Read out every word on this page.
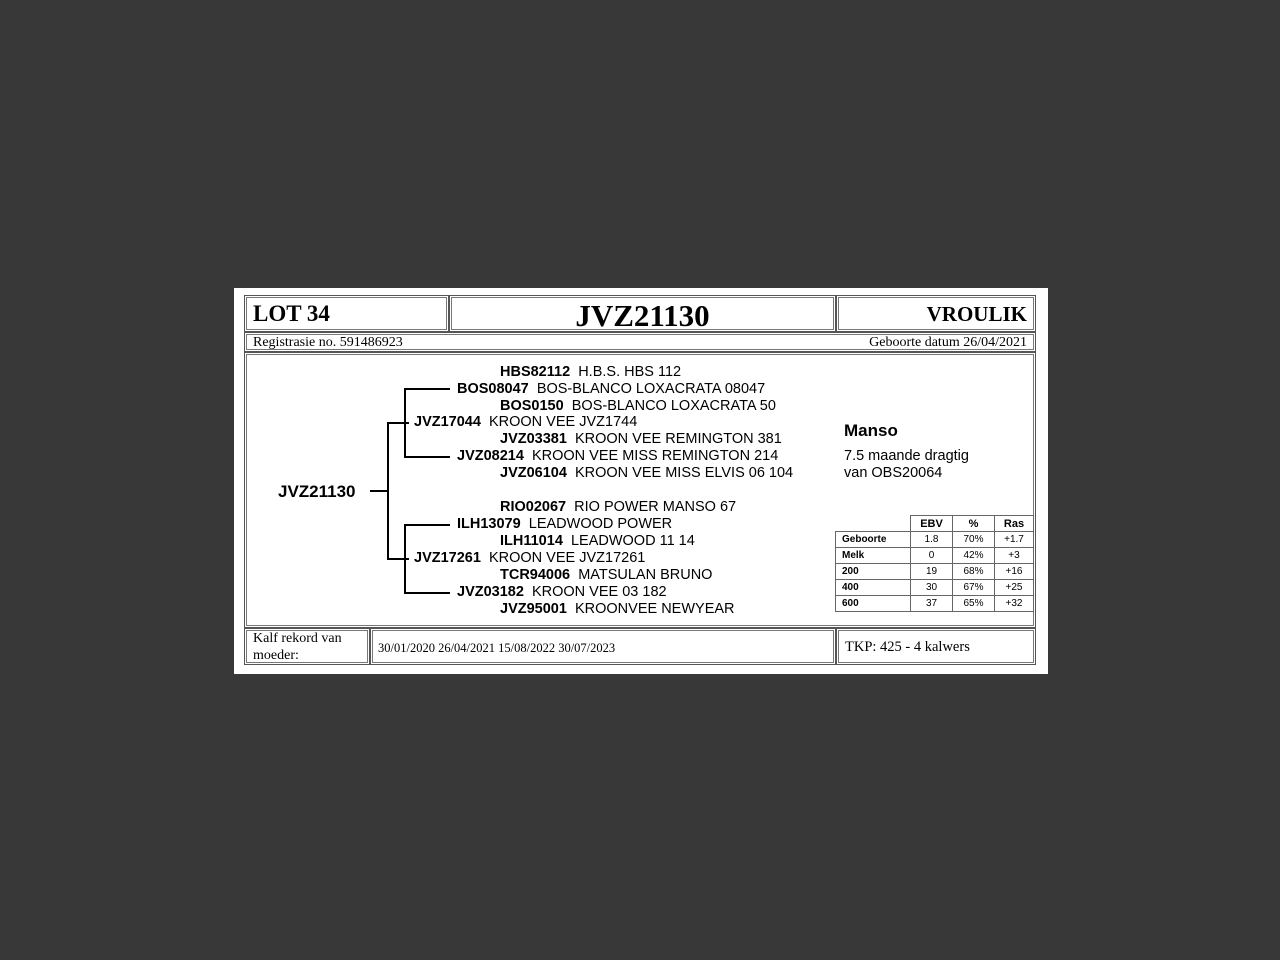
LOT 34	JVZ21130	VROULIK
Registrasie no. 591486923	Geboorte datum 26/04/2021
JVZ21130
HBS82112 H.B.S. HBS 112
BOS08047 BOS-BLANCO LOXACRATA 08047
BOS0150 BOS-BLANCO LOXACRATA 50
JVZ17044 KROON VEE JVZ1744
JVZ03381 KROON VEE REMINGTON 381
JVZ08214 KROON VEE MISS REMINGTON 214
JVZ06104 KROON VEE MISS ELVIS 06 104
RIO02067 RIO POWER MANSO 67
ILH13079 LEADWOOD POWER
ILH11014 LEADWOOD 11 14
JVZ17261 KROON VEE JVZ17261
TCR94006 MATSULAN BRUNO
JVZ03182 KROON VEE 03 182
JVZ95001 KROONVEE NEWYEAR
Manso
7.5 maande dragtig
van OBS20064
	EBV	%	Ras
Geboorte	1.8	70%	+1.7
Melk	0	42%	+3
200	19	68%	+16
400	30	67%	+25
600	37	65%	+32
Kalf rekord van
moeder:	30/01/2020 26/04/2021 15/08/2022 30/07/2023	TKP: 425 - 4 kalwers
